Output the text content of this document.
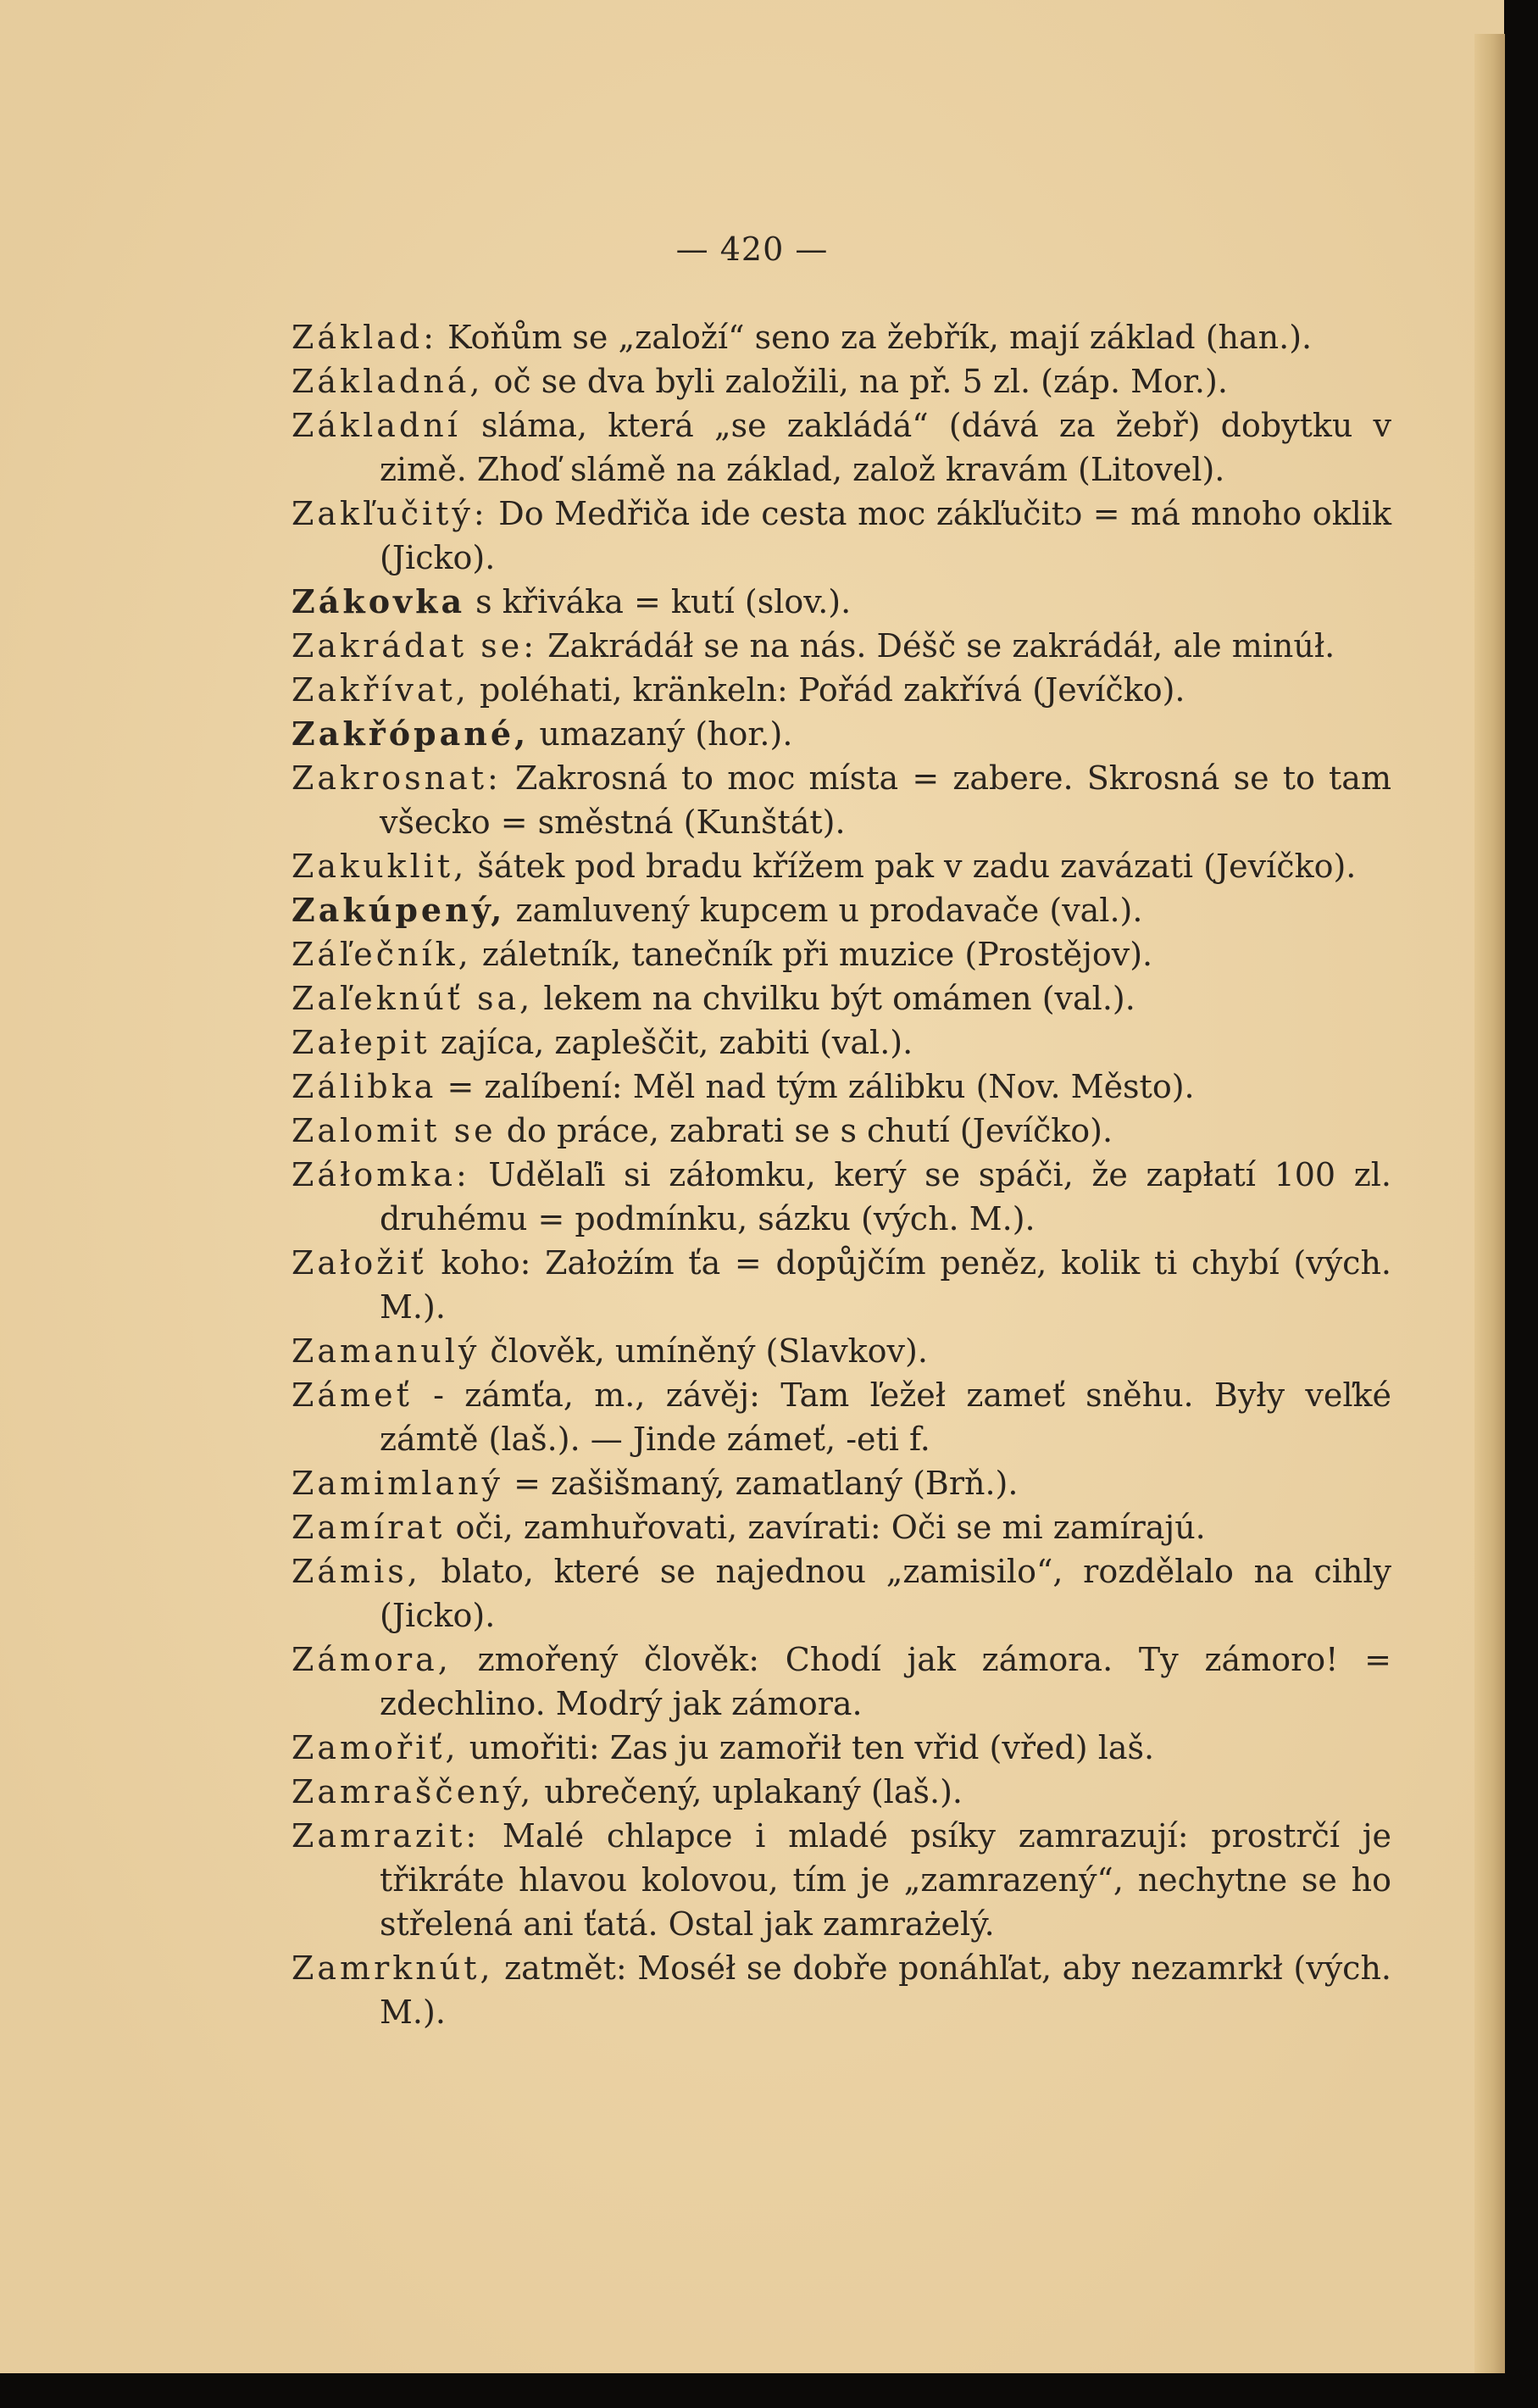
— 420 —
Základ: Koňům se „založí“ seno za žebřík, mají základ (han.).
Základná, oč se dva byli založili, na př. 5 zl. (záp. Mor.).
Základní sláma, která „se zakládá“ (dává za žebř) dobytku v zimě. Zhoď slámě na základ, založ kravám (Litovel).
Zakľučitý: Do Medřiča ide cesta moc zákľučitɔ = má mnoho oklik (Jicko).
Zákovka s křiváka = kutí (slov.).
Zakrádat se: Zakrádáł se na nás. Déšč se zakrádáł, ale minúł.
Zakřívat, poléhati, kränkeln: Pořád zakřívá (Jevíčko).
Zakřópané, umazaný (hor.).
Zakrosnat: Zakrosná to moc místa = zabere. Skrosná se to tam všecko = směstná (Kunštát).
Zakuklit, šátek pod bradu křížem pak v zadu zavázati (Jevíčko).
Zakúpený, zamluvený kupcem u prodavače (val.).
Záľečník, záletník, tanečník při muzice (Prostějov).
Zaľeknúť sa, lekem na chvilku být omámen (val.).
Załepit zajíca, zapleščit, zabiti (val.).
Zálibka = zalíbení: Měl nad tým zálibku (Nov. Město).
Zalomit se do práce, zabrati se s chutí (Jevíčko).
Záłomka: Udělaľi si záłomku, kerý se spáči, že zapłatí 100 zl. druhému = podmínku, sázku (vých. M.).
Załožiť koho: Założím ťa = dopůjčím peněz, kolik ti chybí (vých. M.).
Zamanulý člověk, umíněný (Slavkov).
Zámeť - zámťa, m., závěj: Tam ľežeł zameť sněhu. Były veľké zámtě (laš.). — Jinde zámeť, -eti f.
Zamimlaný = zašišmaný, zamatlaný (Brň.).
Zamírat oči, zamhuřovati, zavírati: Oči se mi zamírajú.
Zámis, blato, které se najednou „zamisilo“, rozdělalo na cihly (Jicko).
Zámora, zmořený člověk: Chodí jak zámora. Ty zámoro! = zdechlino. Modrý jak zámora.
Zamořiť, umořiti: Zas ju zamořił ten vřid (vřed) laš.
Zamraščený, ubrečený, uplakaný (laš.).
Zamrazit: Malé chlapce i mladé psíky zamrazují: prostrčí je třikráte hlavou kolovou, tím je „zamrazený“, nechytne se ho střelená ani ťatá. Ostal jak zamrażelý.
Zamrknút, zatmět: Moséł se dobře ponáhľat, aby nezamrkł (vých. M.).
